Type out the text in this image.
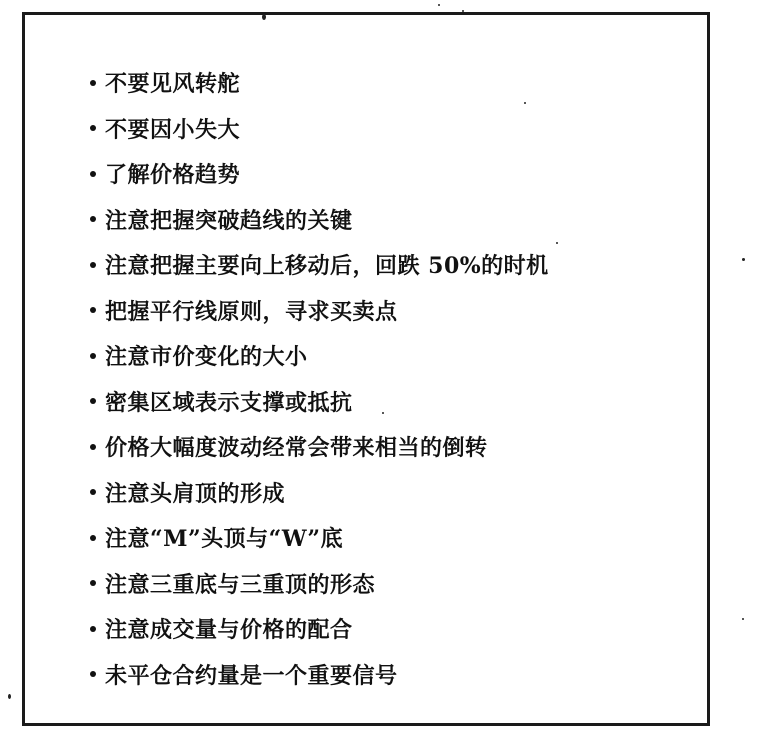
不要见风转舵
不要因小失大
了解价格趋势
注意把握突破趋线的关键
注意把握主要向上移动后，回跌 50%的时机
把握平行线原则，寻求买卖点
注意市价变化的大小
密集区域表示支撑或抵抗
价格大幅度波动经常会带来相当的倒转
注意头肩顶的形成
注意“M”头顶与“W”底
注意三重底与三重顶的形态
注意成交量与价格的配合
未平仓合约量是一个重要信号
